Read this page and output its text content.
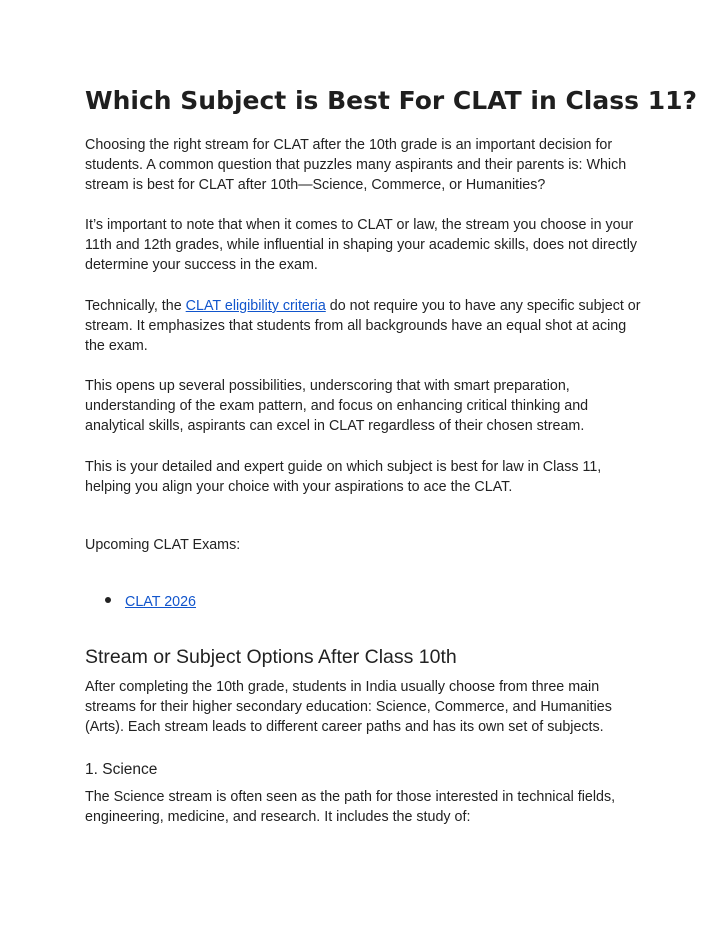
Which Subject is Best For CLAT in Class 11?

Choosing the right stream for CLAT after the 10th grade is an important decision for
students. A common question that puzzles many aspirants and their parents is: Which
stream is best for CLAT after 10th—Science, Commerce, or Humanities?

It’s important to note that when it comes to CLAT or law, the stream you choose in your
11th and 12th grades, while influential in shaping your academic skills, does not directly
determine your success in the exam.

Technically, the CLAT eligibility criteria do not require you to have any specific subject or
stream. It emphasizes that students from all backgrounds have an equal shot at acing
the exam.

This opens up several possibilities, underscoring that with smart preparation,
understanding of the exam pattern, and focus on enhancing critical thinking and
analytical skills, aspirants can excel in CLAT regardless of their chosen stream.

This is your detailed and expert guide on which subject is best for law in Class 11,
helping you align your choice with your aspirations to ace the CLAT.

Upcoming CLAT Exams:

CLAT 2026
Stream or Subject Options After Class 10th

After completing the 10th grade, students in India usually choose from three main
streams for their higher secondary education: Science, Commerce, and Humanities
(Arts). Each stream leads to different career paths and has its own set of subjects.

1. Science

The Science stream is often seen as the path for those interested in technical fields,
engineering, medicine, and research. It includes the study of:
